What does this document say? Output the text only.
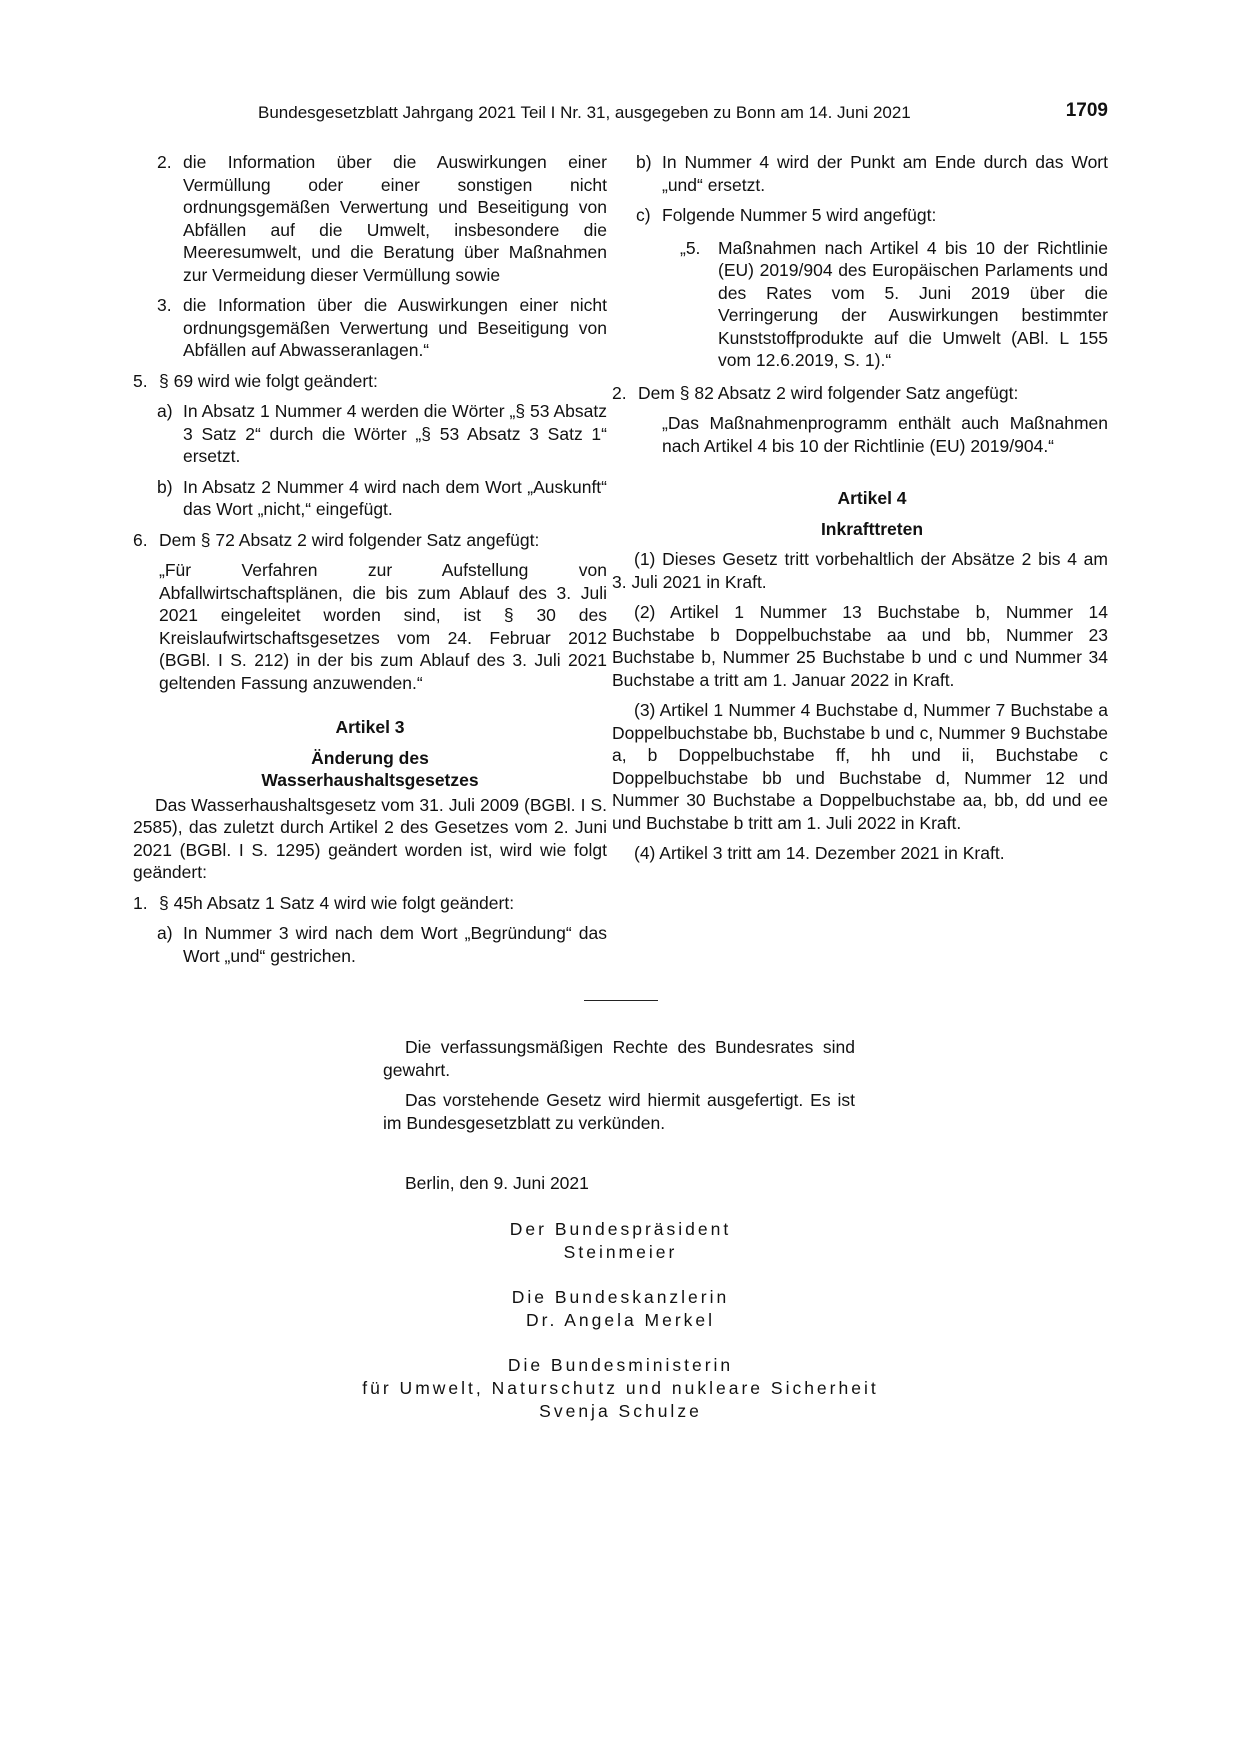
Bundesgesetzblatt Jahrgang 2021 Teil I Nr. 31, ausgegeben zu Bonn am 14. Juni 2021	1709
2. die Information über die Auswirkungen einer Vermüllung oder einer sonstigen nicht ordnungsgemäßen Verwertung und Beseitigung von Abfällen auf die Umwelt, insbesondere die Meeresumwelt, und die Beratung über Maßnahmen zur Vermeidung dieser Vermüllung sowie
3. die Information über die Auswirkungen einer nicht ordnungsgemäßen Verwertung und Beseitigung von Abfällen auf Abwasseranlagen.“
5. § 69 wird wie folgt geändert:
a) In Absatz 1 Nummer 4 werden die Wörter „§ 53 Absatz 3 Satz 2“ durch die Wörter „§ 53 Absatz 3 Satz 1“ ersetzt.
b) In Absatz 2 Nummer 4 wird nach dem Wort „Auskunft“ das Wort „nicht,“ eingefügt.
6. Dem § 72 Absatz 2 wird folgender Satz angefügt:

„Für Verfahren zur Aufstellung von Abfallwirtschaftsplänen, die bis zum Ablauf des 3. Juli 2021 eingeleitet worden sind, ist § 30 des Kreislaufwirtschaftsgesetzes vom 24. Februar 2012 (BGBl. I S. 212) in der bis zum Ablauf des 3. Juli 2021 geltenden Fassung anzuwenden.“

Artikel 3

Änderung des

Wasserhaushaltsgesetzes

Das Wasserhaushaltsgesetz vom 31. Juli 2009 (BGBl. I S. 2585), das zuletzt durch Artikel 2 des Gesetzes vom 2. Juni 2021 (BGBl. I S. 1295) geändert worden ist, wird wie folgt geändert:

1. § 45h Absatz 1 Satz 4 wird wie folgt geändert:
a) In Nummer 3 wird nach dem Wort „Begründung“ das Wort „und“ gestrichen.
b) In Nummer 4 wird der Punkt am Ende durch das Wort „und“ ersetzt.
c) Folgende Nummer 5 wird angefügt:
„5. Maßnahmen nach Artikel 4 bis 10 der Richtlinie (EU) 2019/904 des Europäischen Parlaments und des Rates vom 5. Juni 2019 über die Verringerung der Auswirkungen bestimmter Kunststoffprodukte auf die Umwelt (ABl. L 155 vom 12.6.2019, S. 1).“
2. Dem § 82 Absatz 2 wird folgender Satz angefügt:

„Das Maßnahmenprogramm enthält auch Maßnahmen nach Artikel 4 bis 10 der Richtlinie (EU) 2019/904.“

Artikel 4

Inkrafttreten

(1) Dieses Gesetz tritt vorbehaltlich der Absätze 2 bis 4 am 3. Juli 2021 in Kraft.

(2) Artikel 1 Nummer 13 Buchstabe b, Nummer 14 Buchstabe b Doppelbuchstabe aa und bb, Nummer 23 Buchstabe b, Nummer 25 Buchstabe b und c und Nummer 34 Buchstabe a tritt am 1. Januar 2022 in Kraft.

(3) Artikel 1 Nummer 4 Buchstabe d, Nummer 7 Buchstabe a Doppelbuchstabe bb, Buchstabe b und c, Nummer 9 Buchstabe a, b Doppelbuchstabe ff, hh und ii, Buchstabe c Doppelbuchstabe bb und Buchstabe d, Nummer 12 und Nummer 30 Buchstabe a Doppelbuchstabe aa, bb, dd und ee und Buchstabe b tritt am 1. Juli 2022 in Kraft.

(4) Artikel 3 tritt am 14. Dezember 2021 in Kraft.

Die verfassungsmäßigen Rechte des Bundesrates sind gewahrt.

Das vorstehende Gesetz wird hiermit ausgefertigt. Es ist im Bundesgesetzblatt zu verkünden.

Berlin, den 9. Juni 2021
Der Bundespräsident
Steinmeier
Die Bundeskanzlerin
Dr. Angela Merkel
Die Bundesministerin
für Umwelt, Naturschutz und nukleare Sicherheit
Svenja Schulze
